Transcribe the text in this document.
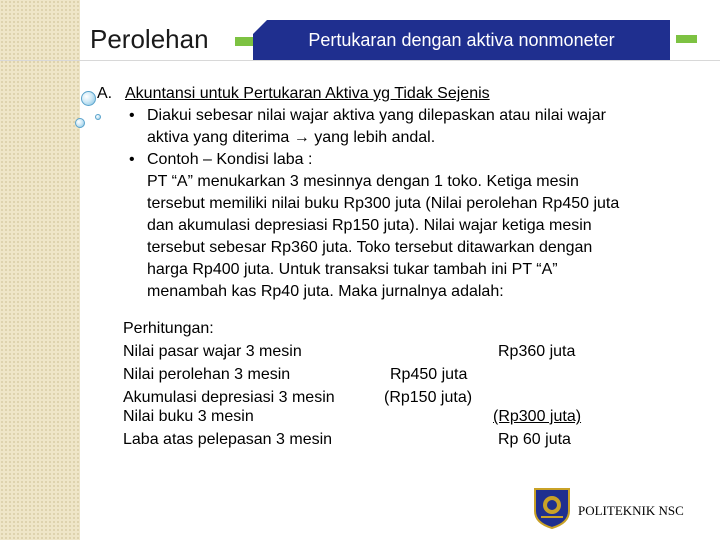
Perolehan	Pertukaran dengan aktiva nonmoneter
A. Akuntansi untuk Pertukaran Aktiva yg Tidak Sejenis
• Diakui sebesar nilai wajar aktiva yang dilepaskan atau nilai wajar
aktiva yang diterima → yang lebih andal.
• Contoh – Kondisi laba :
PT “A” menukarkan 3 mesinnya dengan 1 toko. Ketiga mesin
tersebut memiliki nilai buku Rp300 juta (Nilai perolehan Rp450 juta
dan akumulasi depresiasi Rp150 juta). Nilai wajar ketiga mesin
tersebut sebesar Rp360 juta. Toko tersebut ditawarkan dengan
harga Rp400 juta. Untuk transaksi tukar tambah ini PT “A”
menambah kas Rp40 juta. Maka jurnalnya adalah:
Perhitungan:
Nilai pasar wajar 3 mesin	Rp360 juta
Nilai perolehan 3 mesin	Rp450 juta
Akumulasi depresiasi 3 mesin	(Rp150 juta)
Nilai buku 3 mesin	(Rp300 juta)
Laba atas pelepasan 3 mesin	Rp 60 juta
POLITEKNIK NSC
